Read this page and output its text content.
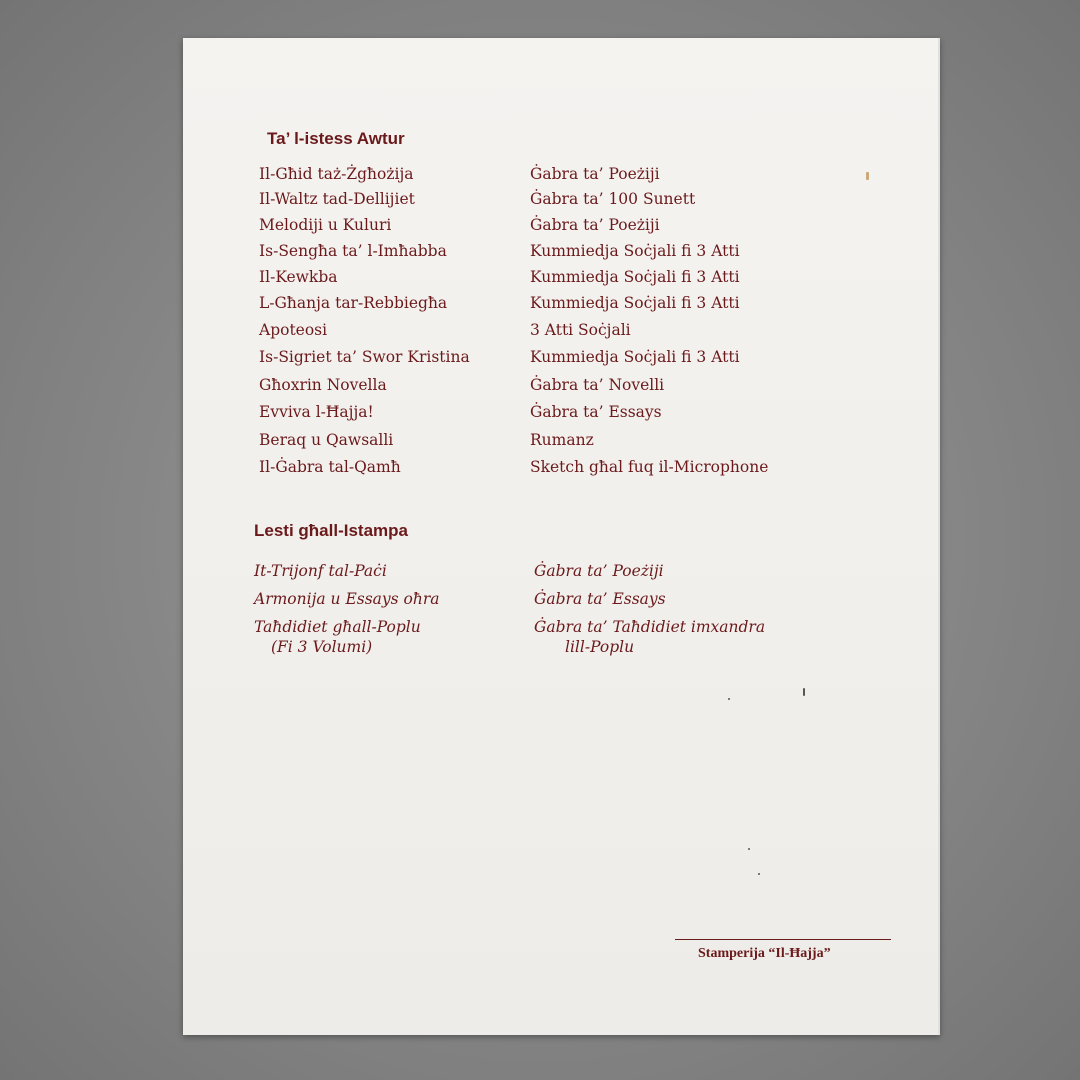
Ta’ l-istess Awtur
Il-Għid taż-Żgħożija	Ġabra ta’ Poeżiji
Il-Waltz tad-Dellijiet	Ġabra ta’ 100 Sunett
Melodiji u Kuluri	Ġabra ta’ Poeżiji
Is-Sengħa ta’ l-Imħabba	Kummiedja Soċjali fi 3 Atti
Il-Kewkba	Kummiedja Soċjali fi 3 Atti
L-Għanja tar-Rebbiegħa	Kummiedja Soċjali fi 3 Atti
Apoteosi	3 Atti Soċjali
Is-Sigriet ta’ Swor Kristina	Kummiedja Soċjali fi 3 Atti
Għoxrin Novella	Ġabra ta’ Novelli
Evviva l-Ħajja!	Ġabra ta’ Essays
Beraq u Qawsalli	Rumanz
Il-Ġabra tal-Qamħ	Sketch għal fuq il-Microphone
Lesti għall-Istampa
It-Trijonf tal-Paċi	Ġabra ta’ Poeżiji
Armonija u Essays oħra	Ġabra ta’ Essays
Taħdidiet għall-Poplu	Ġabra ta’ Taħdidiet imxandra
(Fi 3 Volumi)	lill-Poplu
Stamperija “Il-Ħajja”
